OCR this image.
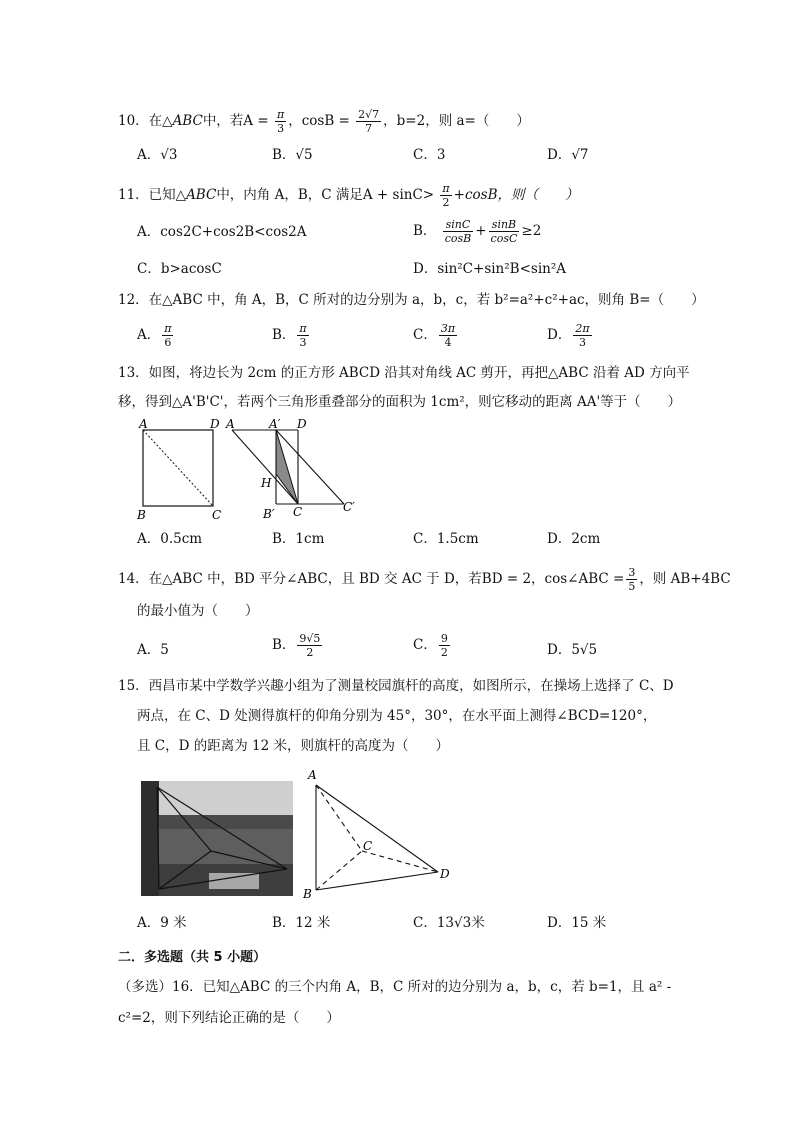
10．在△ABC中，若$A = \frac{\pi}{3}$ ，$\cos B = \frac{2√7}{7}$ ，b=2，则 a=（　　）
A．√3	B．√5	C．3	D．√7
11．已知△ABC中，内角 A，B，C 满足$A + \sin C> \frac{\pi}{2} +\cos B$，则（　　）
A．cos2C+cos2B<cos2A	B． $\frac{\sin C}{\cos B} + \frac{\sin B}{\cos C} \ge 2$
C．b>acosC	D．sin²C+sin²B<sin²A
12．在△ABC 中，角 A，B，C 所对的边分别为 a，b，c，若 b²=a²+c²+ac，则角 B=（　　）
A． $\frac{\pi}{6}$	B． $\frac{\pi}{3}$	C． $\frac{3\pi}{4}$	D． $\frac{2\pi}{3}$
13．如图，将边长为 2cm 的正方形 ABCD 沿其对角线 AC 剪开，再把△ABC 沿着 AD 方向平
移，得到△A'B'C'，若两个三角形重叠部分的面积为 1cm²，则它移动的距离 AA'等于（　　）
A	D
B	C
A	A′ D
H
B′ C	C′
A．0.5cm	B．1cm	C．1.5cm	D．2cm
14．在△ABC 中，BD 平分∠ABC，且 BD 交 AC 于 D，若BD = 2，cos∠ABC = $\frac{3}{5}$ ，则 AB+4BC
的最小值为（　　）
A．5	B． $\frac{9√5}{2}$	C． $\frac{9}{2}$	D．5√5
15．西昌市某中学数学兴趣小组为了测量校园旗杆的高度，如图所示，在操场上选择了 C、D
两点，在 C、D 处测得旗杆的仰角分别为 45°，30°，在水平面上测得∠BCD=120°，
且 C，D 的距离为 12 米，则旗杆的高度为（　　）
A
B
C
D
A．9 米	B．12 米	C．13√3米	D．15 米
二．多选题（共 5 小题）
（多选）16．已知△ABC 的三个内角 A，B，C 所对的边分别为 a，b，c，若 b=1，且 a² -
c²=2，则下列结论正确的是（　　）
